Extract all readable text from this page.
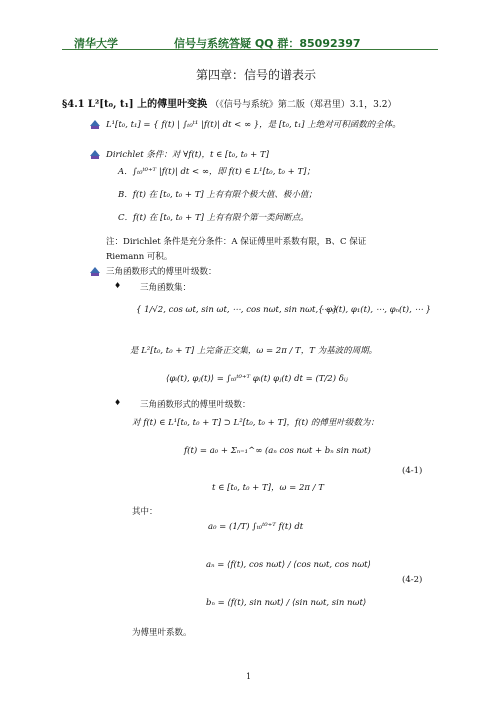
清华大学	信号与系统答疑 QQ 群：85092397
第四章：信号的谱表示
§4.1 L²[t₀, t₁] 上的傅里叶变换 （《信号与系统》第二版（郑君里）3.1，3.2）
L¹[t₀, t₁] = { f(t) | ∫ₜ₀ᵗ¹ |f(t)| dt < ∞ }，是 [t₀, t₁] 上绝对可积函数的全体。
Dirichlet 条件：对 ∀f(t)，t ∈ [t₀, t₀ + T]
A．∫ₜ₀ᵗ⁰⁺ᵀ |f(t)| dt < ∞，即 f(t) ∈ L¹[t₀, t₀ + T]；
B．f(t) 在 [t₀, t₀ + T] 上有有限个极大值、极小值；
C．f(t) 在 [t₀, t₀ + T] 上有有限个第一类间断点。
注：Dirichlet 条件是充分条件：A 保证傅里叶系数有限，B、C 保证
Riemann 可积。
三角函数形式的傅里叶级数：
♦ 三角函数集：
{ 1/√2, cos ωt, sin ωt, ⋯, cos nωt, sin nωt, ⋯ }
{ φ₀(t), φ₁(t), ⋯, φₙ(t), ⋯ }
是 L²[t₀, t₀ + T] 上完备正交集，ω = 2π / T，T 为基波的周期。
⟨φᵢ(t), φⱼ(t)⟩ = ∫ₜ₀ᵗ⁰⁺ᵀ φᵢ(t) φⱼ(t) dt = (T/2) δᵢⱼ
♦ 三角函数形式的傅里叶级数：
对 f(t) ∈ L¹[t₀, t₀ + T] ⊃ L²[t₀, t₀ + T]，f(t) 的傅里叶级数为：
f(t) = a₀ + Σₙ₌₁^∞ (aₙ cos nωt + bₙ sin nωt)
(4-1)
t ∈ [t₀, t₀ + T]，ω = 2π / T
其中：
a₀ = (1/T) ∫ₜ₀ᵗ⁰⁺ᵀ f(t) dt
aₙ = ⟨f(t), cos nωt⟩ / ⟨cos nωt, cos nωt⟩
(4-2)
bₙ = ⟨f(t), sin nωt⟩ / ⟨sin nωt, sin nωt⟩
为傅里叶系数。
1
